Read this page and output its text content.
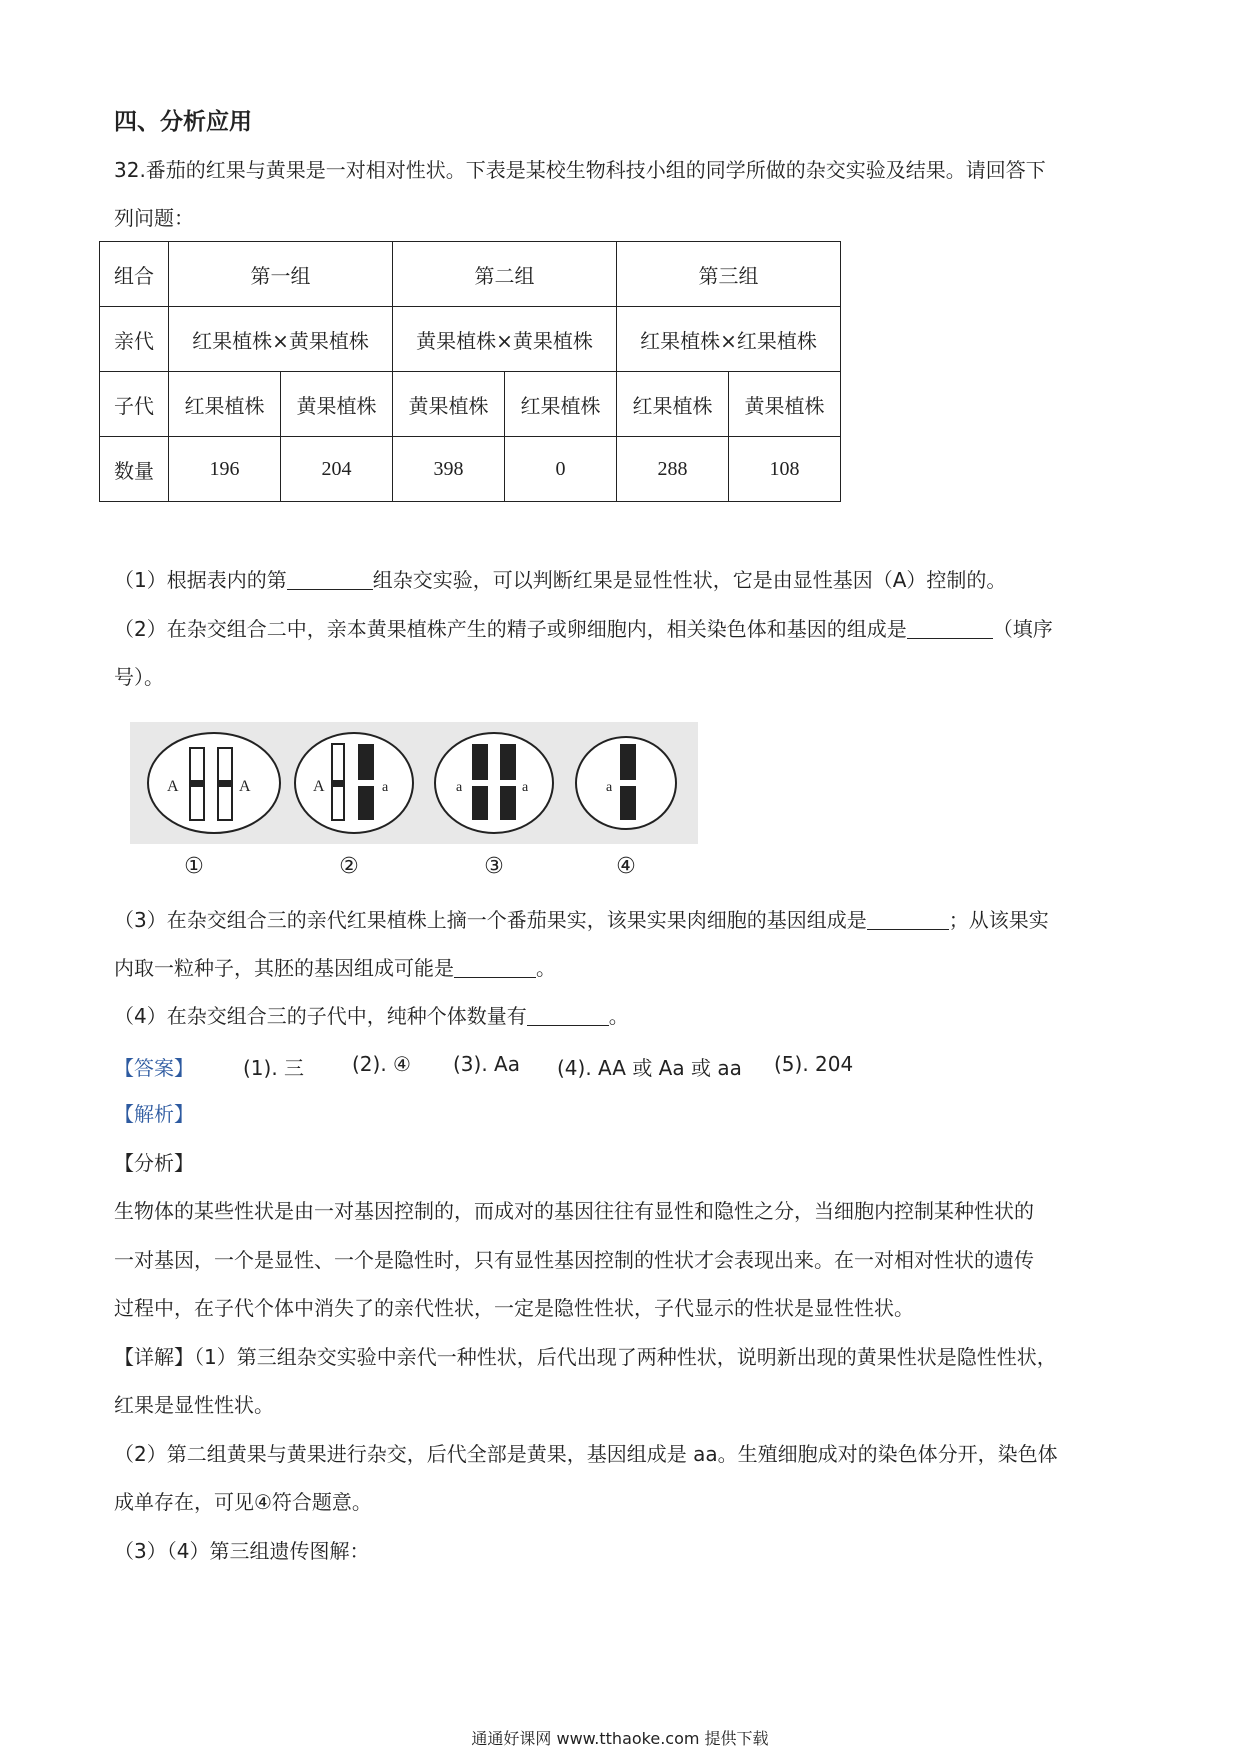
四、分析应用
32.番茄的红果与黄果是一对相对性状。下表是某校生物科技小组的同学所做的杂交实验及结果。请回答下
列问题：
组合	第一组		第二组		第三组	
亲代	红果植株×黄果植株		黄果植株×黄果植株		红果植株×红果植株	
子代	红果植株	黄果植株	黄果植株	红果植株	红果植株	黄果植株
数量	196	204	398	0	288	108
（1）根据表内的第	组杂交实验，可以判断红果是显性性状，它是由显性基因（A）控制的。
（2）在杂交组合二中，亲本黄果植株产生的精子或卵细胞内，相关染色体和基因的组成是	（填序
号）。
A	A	A	a	a	a	a
①	②	③	④
（3）在杂交组合三的亲代红果植株上摘一个番茄果实，该果实果肉细胞的基因组成是	；从该果实
内取一粒种子，其胚的基因组成可能是	。
（4）在杂交组合三的子代中，纯种个体数量有	。
【答案】 (1). 三 (2). ④ (3). Aa (4). AA 或 Aa 或 aa (5). 204
【解析】
【分析】
生物体的某些性状是由一对基因控制的，而成对的基因往往有显性和隐性之分，当细胞内控制某种性状的
一对基因，一个是显性、一个是隐性时，只有显性基因控制的性状才会表现出来。在一对相对性状的遗传
过程中，在子代个体中消失了的亲代性状，一定是隐性性状，子代显示的性状是显性性状。
【详解】（1）第三组杂交实验中亲代一种性状，后代出现了两种性状，说明新出现的黄果性状是隐性性状，
红果是显性性状。
（2）第二组黄果与黄果进行杂交，后代全部是黄果，基因组成是 aa。生殖细胞成对的染色体分开，染色体
成单存在，可见④符合题意。
（3）（4）第三组遗传图解：
通通好课网 www.tthaoke.com 提供下载
